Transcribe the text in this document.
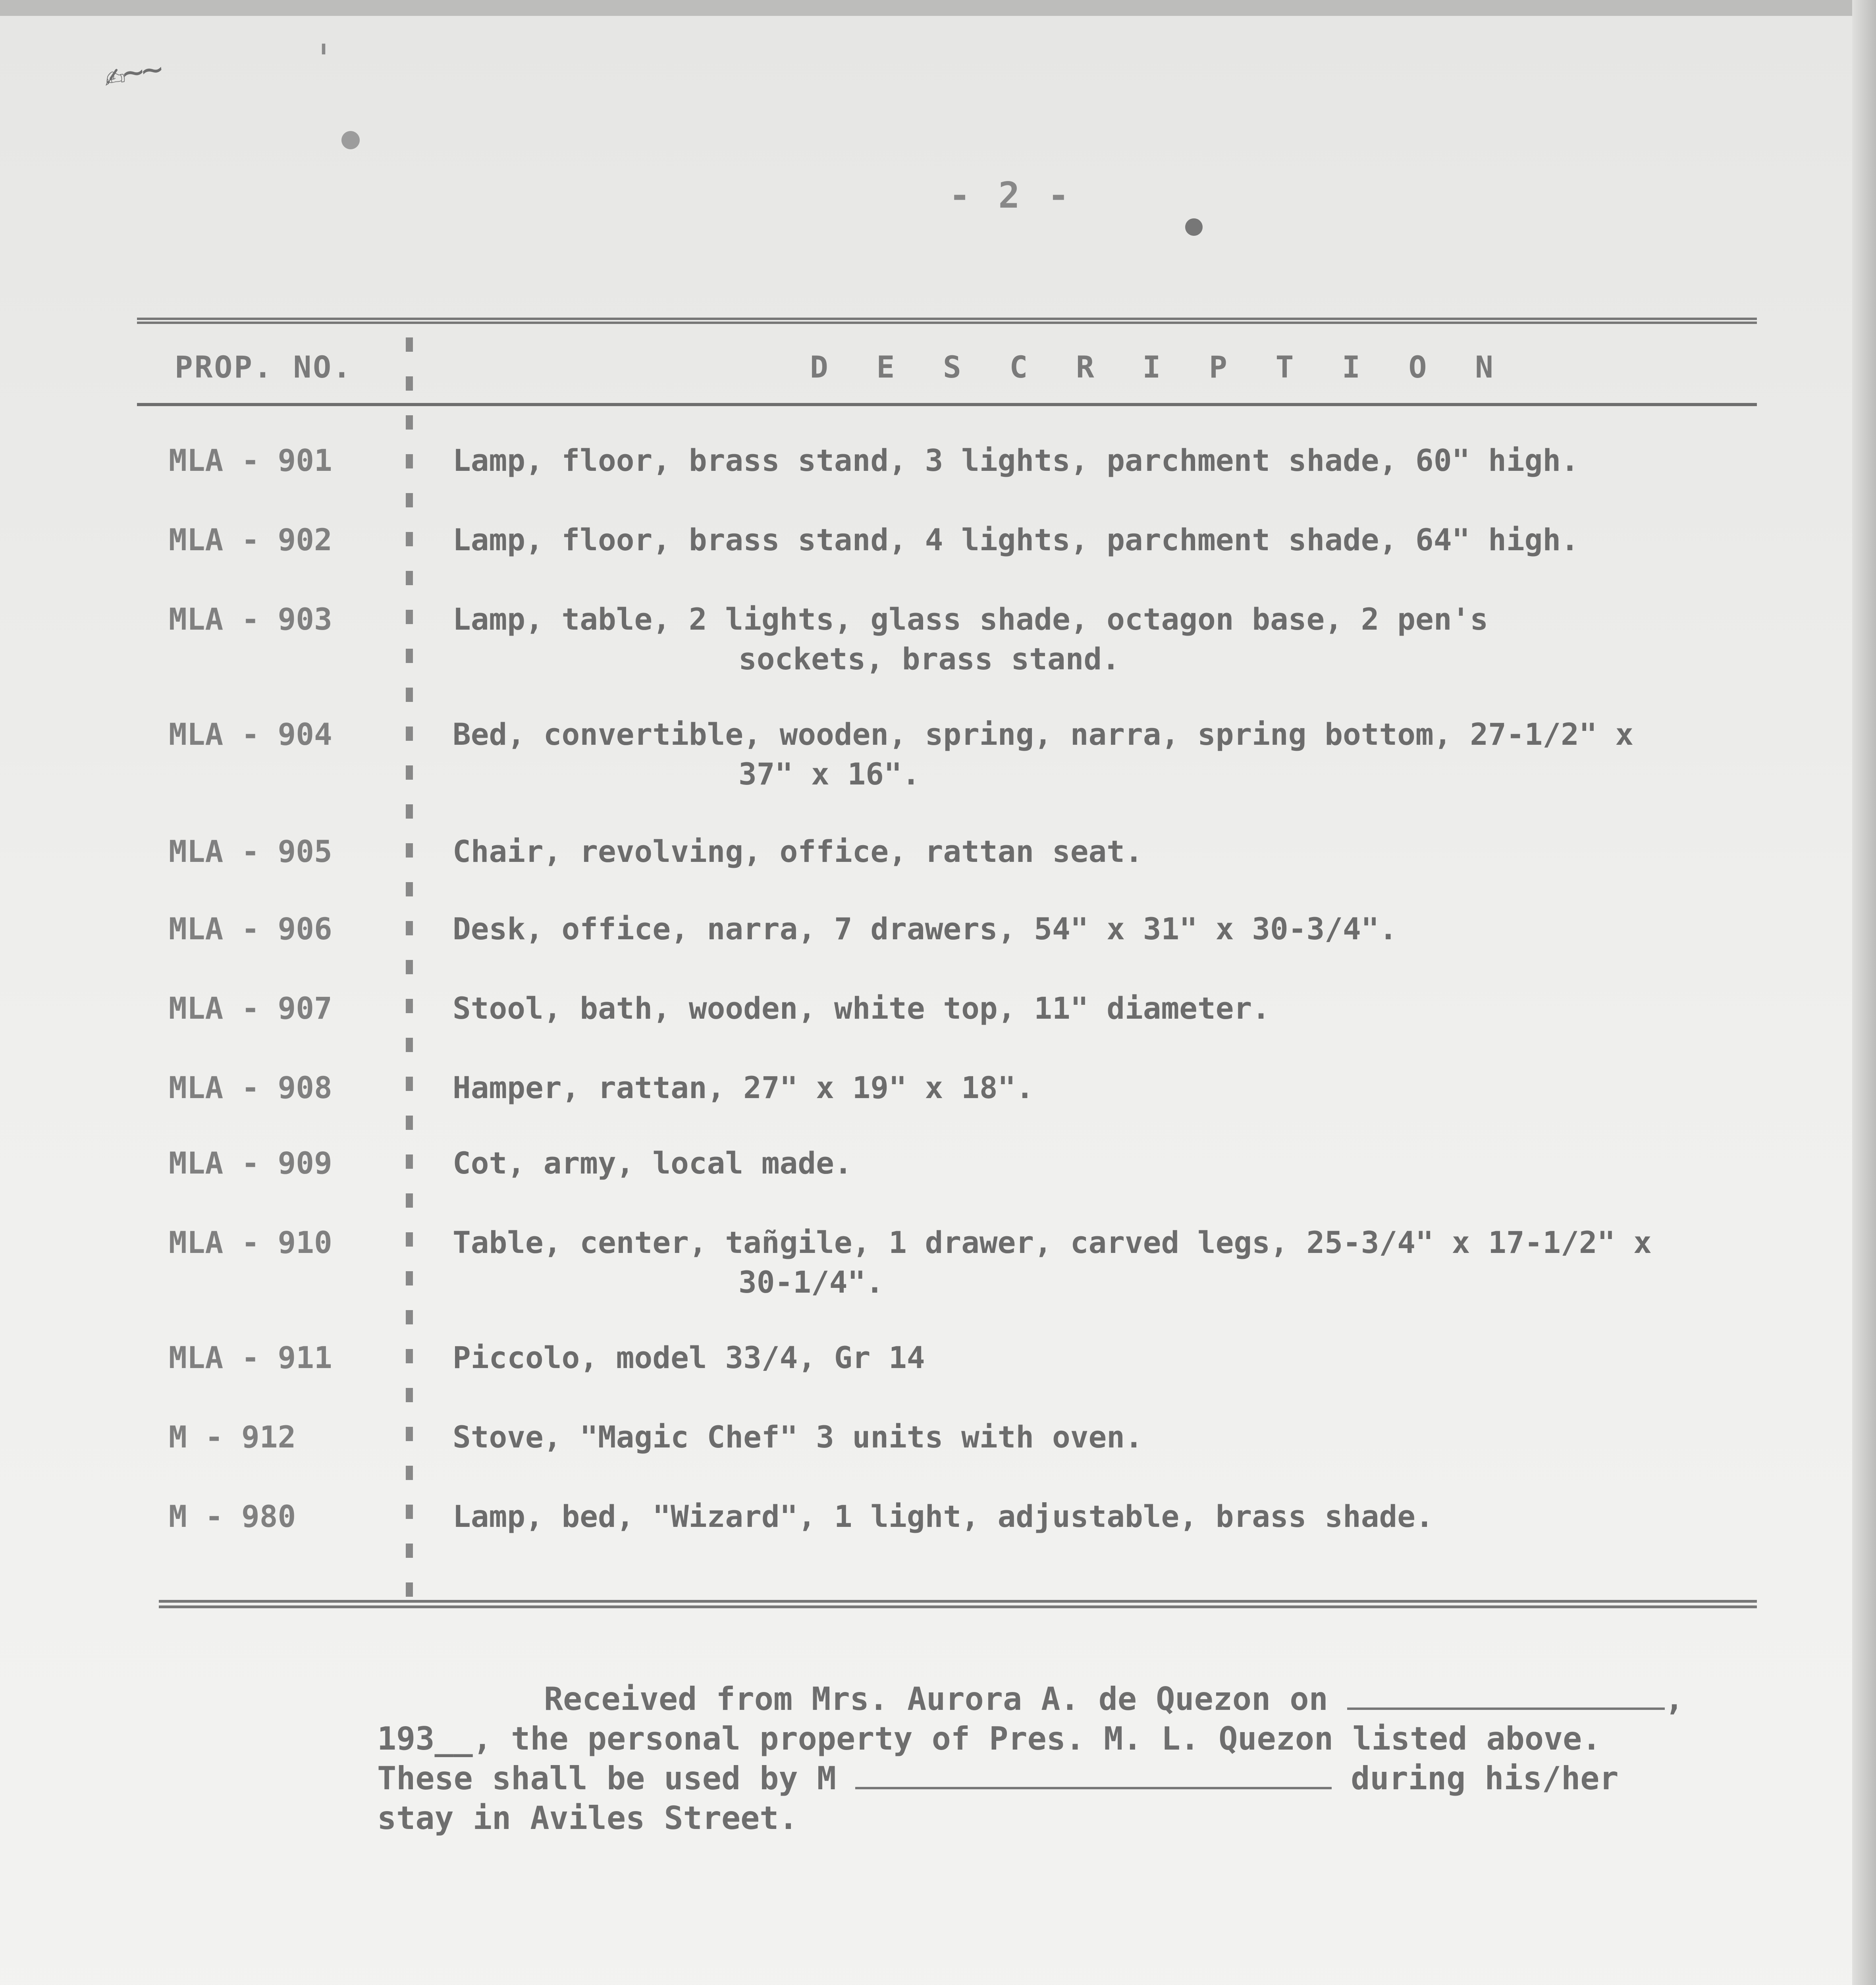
✍~~	'
- 2 -
PROP. NO.	D E S C R I P T I O N
MLA - 901	Lamp, floor, brass stand, 3 lights, parchment shade, 60" high.
MLA - 902	Lamp, floor, brass stand, 4 lights, parchment shade, 64" high.
MLA - 903	Lamp, table, 2 lights, glass shade, octagon base, 2 pen's
sockets, brass stand.
MLA - 904	Bed, convertible, wooden, spring, narra, spring bottom, 27-1/2" x
37" x 16".
MLA - 905	Chair, revolving, office, rattan seat.
MLA - 906	Desk, office, narra, 7 drawers, 54" x 31" x 30-3/4".
MLA - 907	Stool, bath, wooden, white top, 11" diameter.
MLA - 908	Hamper, rattan, 27" x 19" x 18".
MLA - 909	Cot, army, local made.
MLA - 910	Table, center, tañgile, 1 drawer, carved legs, 25-3/4" x 17-1/2" x
30-1/4".
MLA - 911	Piccolo, model 33/4, Gr 14
M - 912	Stove, "Magic Chef" 3 units with oven.
M - 980	Lamp, bed, "Wizard", 1 light, adjustable, brass shade.
Received from Mrs. Aurora A. de Quezon on	,
193__, the personal property of Pres. M. L. Quezon listed above.
These shall be used by M	during his/her
stay in Aviles Street.
